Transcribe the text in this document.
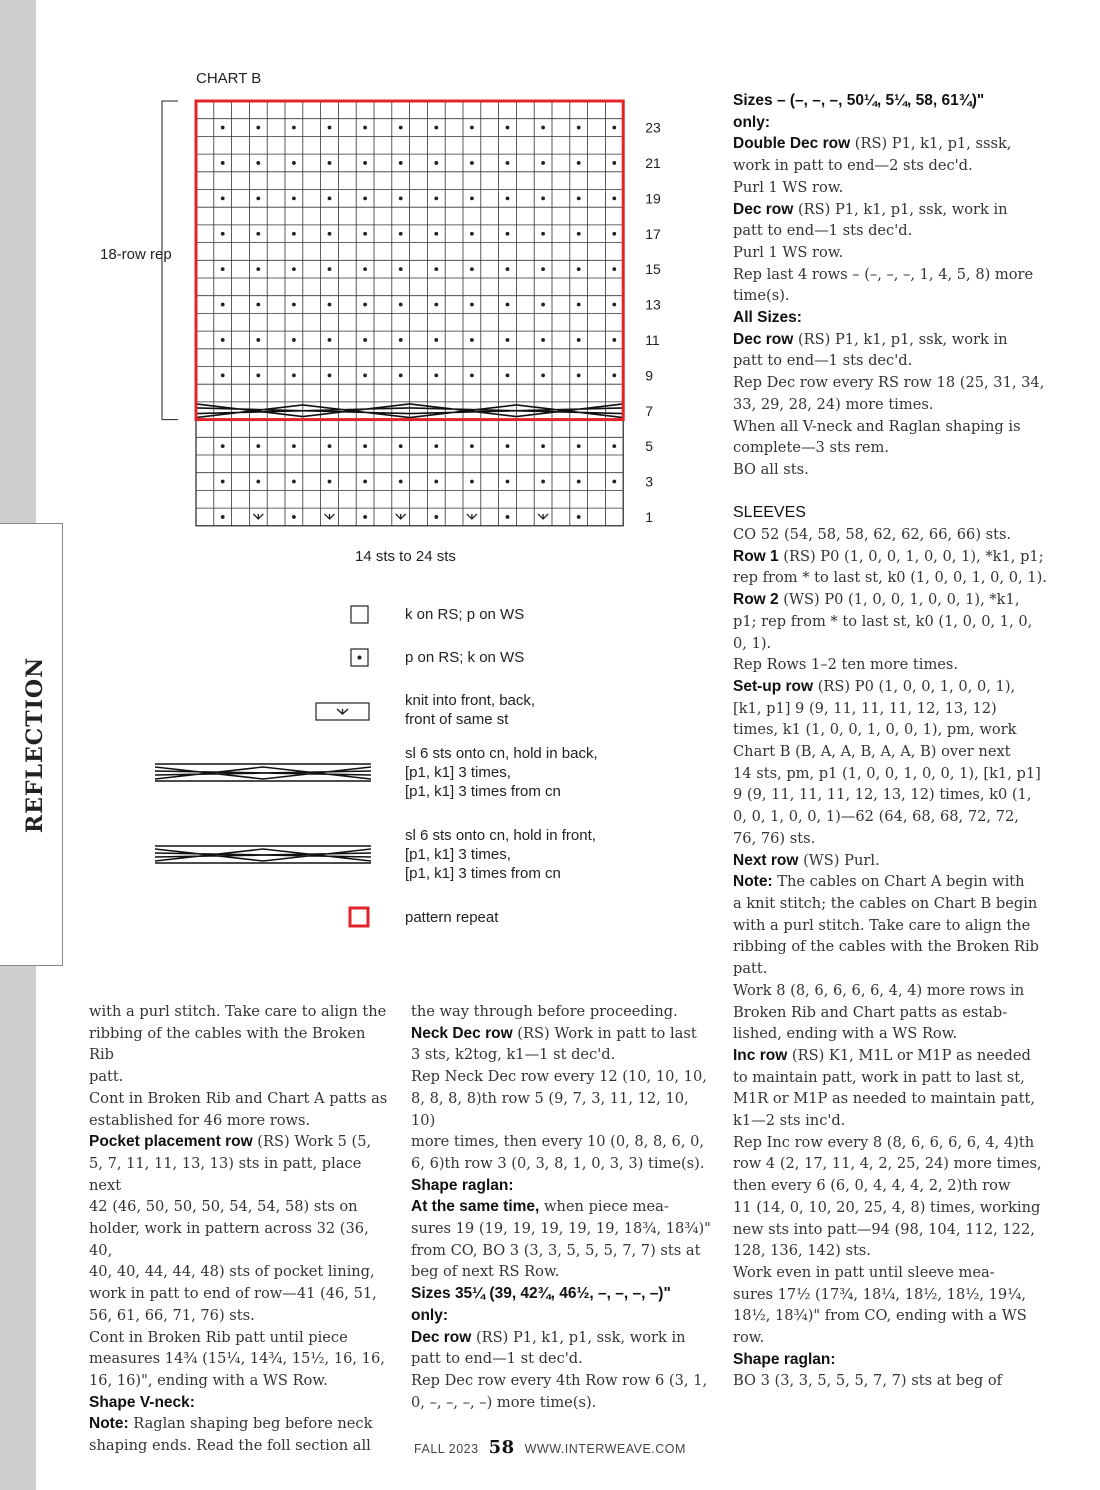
REFLECTION
CHART B
18-row rep
23
21
19
17
15
13
11
9
7
5
3
1
14 sts to 24 sts
k on RS; p on WS
p on RS; k on WS
knit into front, back,
front of same st
sl 6 sts onto cn, hold in back,
[p1, k1] 3 times,
[p1, k1] 3 times from cn
sl 6 sts onto cn, hold in front,
[p1, k1] 3 times,
[p1, k1] 3 times from cn
pattern repeat

with a purl stitch. Take care to align the

ribbing of the cables with the Broken Rib

patt.

Cont in Broken Rib and Chart A patts as

established for 46 more rows.

Pocket placement row (RS) Work 5 (5,

5, 7, 11, 11, 13, 13) sts in patt, place next

42 (46, 50, 50, 50, 54, 54, 58) sts on

holder, work in pattern across 32 (36, 40,

40, 40, 44, 44, 48) sts of pocket lining,

work in patt to end of row—41 (46, 51,

56, 61, 66, 71, 76) sts.

Cont in Broken Rib patt until piece

measures 14¾ (15¼, 14¾, 15½, 16, 16,

16, 16)", ending with a WS Row.

Shape V-neck:

Note: Raglan shaping beg before neck

shaping ends. Read the foll section all

the way through before proceeding.

Neck Dec row (RS) Work in patt to last

3 sts, k2tog, k1—1 st dec'd.

Rep Neck Dec row every 12 (10, 10, 10,

8, 8, 8, 8)th row 5 (9, 7, 3, 11, 12, 10, 10)

more times, then every 10 (0, 8, 8, 6, 0,

6, 6)th row 3 (0, 3, 8, 1, 0, 3, 3) time(s).

Shape raglan:

At the same time, when piece mea-

sures 19 (19, 19, 19, 19, 19, 18¾, 18¾)"

from CO, BO 3 (3, 3, 5, 5, 5, 7, 7) sts at

beg of next RS Row.

Sizes 35¼ (39, 42¾, 46½, –, –, –, –)"

only:

Dec row (RS) P1, k1, p1, ssk, work in

patt to end—1 st dec'd.

Rep Dec row every 4th Row row 6 (3, 1,

0, –, –, –, –) more time(s).

Sizes – (–, –, –, 50¼, 5¼, 58, 61¾)"

only:

Double Dec row (RS) P1, k1, p1, sssk,

work in patt to end—2 sts dec'd.

Purl 1 WS row.

Dec row (RS) P1, k1, p1, ssk, work in

patt to end—1 sts dec'd.

Purl 1 WS row.

Rep last 4 rows – (–, –, –, 1, 4, 5, 8) more

time(s).

All Sizes:

Dec row (RS) P1, k1, p1, ssk, work in

patt to end—1 sts dec'd.

Rep Dec row every RS row 18 (25, 31, 34,

33, 29, 28, 24) more times.

When all V-neck and Raglan shaping is

complete—3 sts rem.

BO all sts.

SLEEVES

CO 52 (54, 58, 58, 62, 62, 66, 66) sts.

Row 1 (RS) P0 (1, 0, 0, 1, 0, 0, 1), *k1, p1;

rep from * to last st, k0 (1, 0, 0, 1, 0, 0, 1).

Row 2 (WS) P0 (1, 0, 0, 1, 0, 0, 1), *k1,

p1; rep from * to last st, k0 (1, 0, 0, 1, 0,

0, 1).

Rep Rows 1–2 ten more times.

Set-up row (RS) P0 (1, 0, 0, 1, 0, 0, 1),

[k1, p1] 9 (9, 11, 11, 11, 12, 13, 12)

times, k1 (1, 0, 0, 1, 0, 0, 1), pm, work

Chart B (B, A, A, B, A, A, B) over next

14 sts, pm, p1 (1, 0, 0, 1, 0, 0, 1), [k1, p1]

9 (9, 11, 11, 11, 12, 13, 12) times, k0 (1,

0, 0, 1, 0, 0, 1)—62 (64, 68, 68, 72, 72,

76, 76) sts.

Next row (WS) Purl.

Note: The cables on Chart A begin with

a knit stitch; the cables on Chart B begin

with a purl stitch. Take care to align the

ribbing of the cables with the Broken Rib

patt.

Work 8 (8, 6, 6, 6, 6, 4, 4) more rows in

Broken Rib and Chart patts as estab-

lished, ending with a WS Row.

Inc row (RS) K1, M1L or M1P as needed

to maintain patt, work in patt to last st,

M1R or M1P as needed to maintain patt,

k1—2 sts inc'd.

Rep Inc row every 8 (8, 6, 6, 6, 6, 4, 4)th

row 4 (2, 17, 11, 4, 2, 25, 24) more times,

then every 6 (6, 0, 4, 4, 4, 2, 2)th row

11 (14, 0, 10, 20, 25, 4, 8) times, working

new sts into patt—94 (98, 104, 112, 122,

128, 136, 142) sts.

Work even in patt until sleeve mea-

sures 17½ (17¾, 18¼, 18½, 18½, 19¼,

18½, 18¾)" from CO, ending with a WS

row.

Shape raglan:

BO 3 (3, 3, 5, 5, 5, 7, 7) sts at beg of

FALL 2023 58 WWW.INTERWEAVE.COM
